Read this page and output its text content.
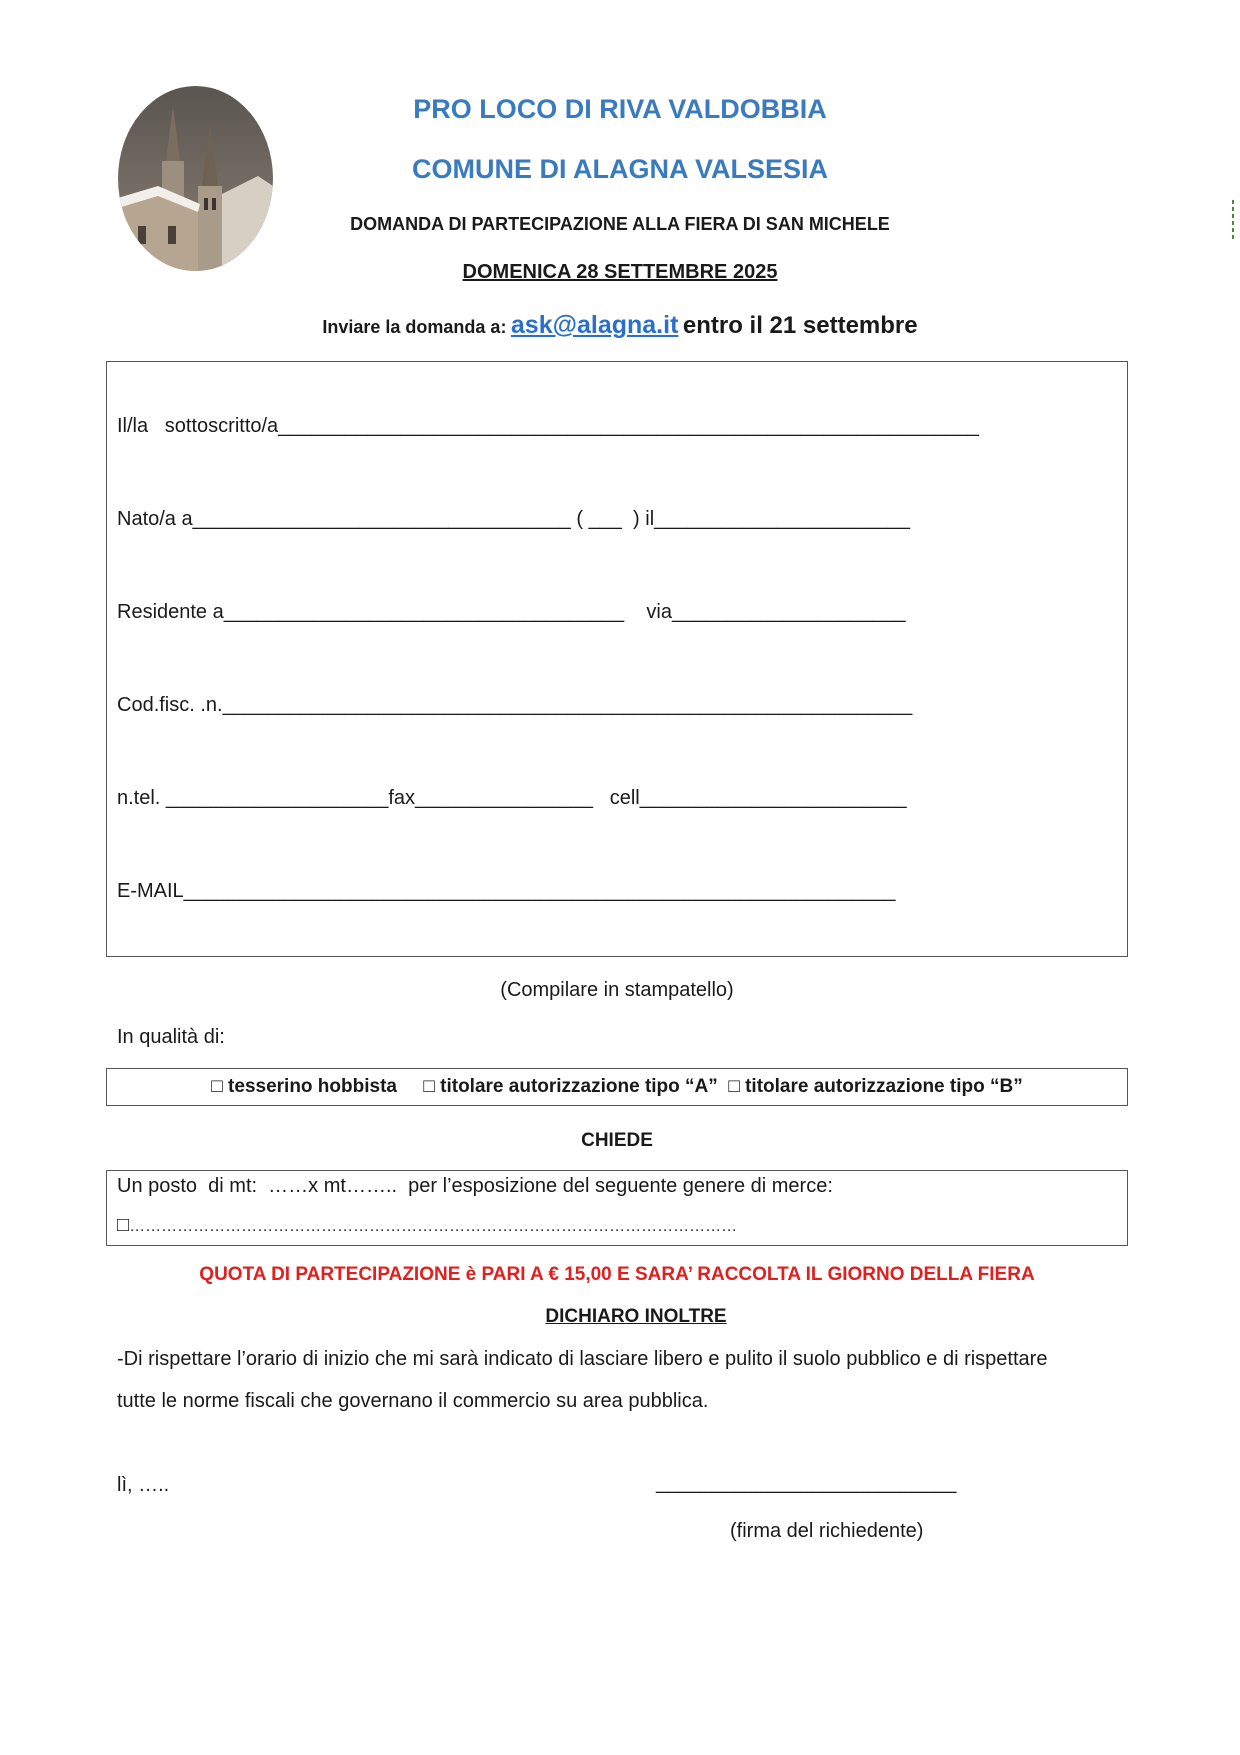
PRO LOCO DI RIVA VALDOBBIA
COMUNE DI ALAGNA VALSESIA
DOMANDA DI PARTECIPAZIONE ALLA FIERA DI SAN MICHELE
DOMENICA 28 SETTEMBRE 2025
Inviare la domanda a: ask@alagna.it entro il 21 settembre
Il/la   sottoscritto/a_______________________________________________________________
Nato/a a__________________________________ ( ___  ) il_______________________
Residente a____________________________________    via_____________________
Cod.fisc. .n.______________________________________________________________
n.tel. ____________________fax________________   cell________________________
E-MAIL________________________________________________________________
(Compilare in stampatello)
In qualità di:
□ tesserino hobbista □ titolare autorizzazione tipo “A” □ titolare autorizzazione tipo “B”
CHIEDE
Un posto  di mt:  ……x mt……..  per l’esposizione del seguente genere di merce:
□……………………………………………………………………………………………………
QUOTA DI PARTECIPAZIONE è PARI A € 15,00 E SARA’ RACCOLTA IL GIORNO DELLA FIERA
DICHIARO INOLTRE
-Di rispettare l’orario di inizio che mi sarà indicato di lasciare libero e pulito il suolo pubblico e di rispettare
tutte le norme fiscali che governano il commercio su area pubblica.
lì, …..	___________________________
(firma del richiedente)
